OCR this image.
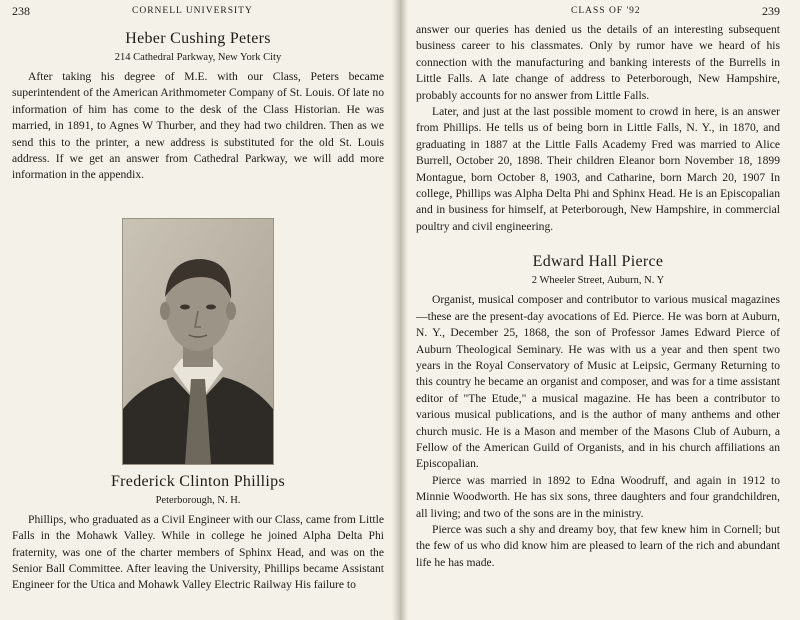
238	CORNELL UNIVERSITY
Heber Cushing Peters
214 Cathedral Parkway, New York City

After taking his degree of M.E. with our Class, Peters became superintendent of the American Arithmometer Company of St. Louis. Of late no information of him has come to the desk of the Class Historian. He was married, in 1891, to Agnes W Thurber, and they had two children. Then as we send this to the printer, a new address is substituted for the old St. Louis address. If we get an answer from Cathedral Parkway, we will add more information in the appendix.

Frederick Clinton Phillips
Peterborough, N. H.

Phillips, who graduated as a Civil Engineer with our Class, came from Little Falls in the Mohawk Valley. While in college he joined Alpha Delta Phi fraternity, was one of the charter members of Sphinx Head, and was on the Senior Ball Committee. After leaving the University, Phillips became Assistant Engineer for the Utica and Mohawk Valley Electric Railway His failure to

CLASS OF '92	239

answer our queries has denied us the details of an interesting subsequent business career to his classmates. Only by rumor have we heard of his connection with the manufacturing and banking interests of the Burrells in Little Falls. A late change of address to Peterborough, New Hampshire, probably accounts for no answer from Little Falls.

Later, and just at the last possible moment to crowd in here, is an answer from Phillips. He tells us of being born in Little Falls, N. Y., in 1870, and graduating in 1887 at the Little Falls Academy Fred was married to Alice Burrell, October 20, 1898. Their children Eleanor born November 18, 1899 Montague, born October 8, 1903, and Catharine, born March 20, 1907 In college, Phillips was Alpha Delta Phi and Sphinx Head. He is an Episcopalian and in business for himself, at Peterborough, New Hampshire, in commercial poultry and civil engineering.

Edward Hall Pierce
2 Wheeler Street, Auburn, N. Y

Organist, musical composer and contributor to various musical magazines—these are the present-day avocations of Ed. Pierce. He was born at Auburn, N. Y., December 25, 1868, the son of Professor James Edward Pierce of Auburn Theological Seminary. He was with us a year and then spent two years in the Royal Conservatory of Music at Leipsic, Germany Returning to this country he became an organist and composer, and was for a time assistant editor of "The Etude," a musical magazine. He has been a contributor to various musical publications, and is the author of many anthems and other church music. He is a Mason and member of the Masons Club of Auburn, a Fellow of the American Guild of Organists, and in his church affiliations an Episcopalian.

Pierce was married in 1892 to Edna Woodruff, and again in 1912 to Minnie Woodworth. He has six sons, three daughters and four grandchildren, all living; and two of the sons are in the ministry.

Pierce was such a shy and dreamy boy, that few knew him in Cornell; but the few of us who did know him are pleased to learn of the rich and abundant life he has made.
